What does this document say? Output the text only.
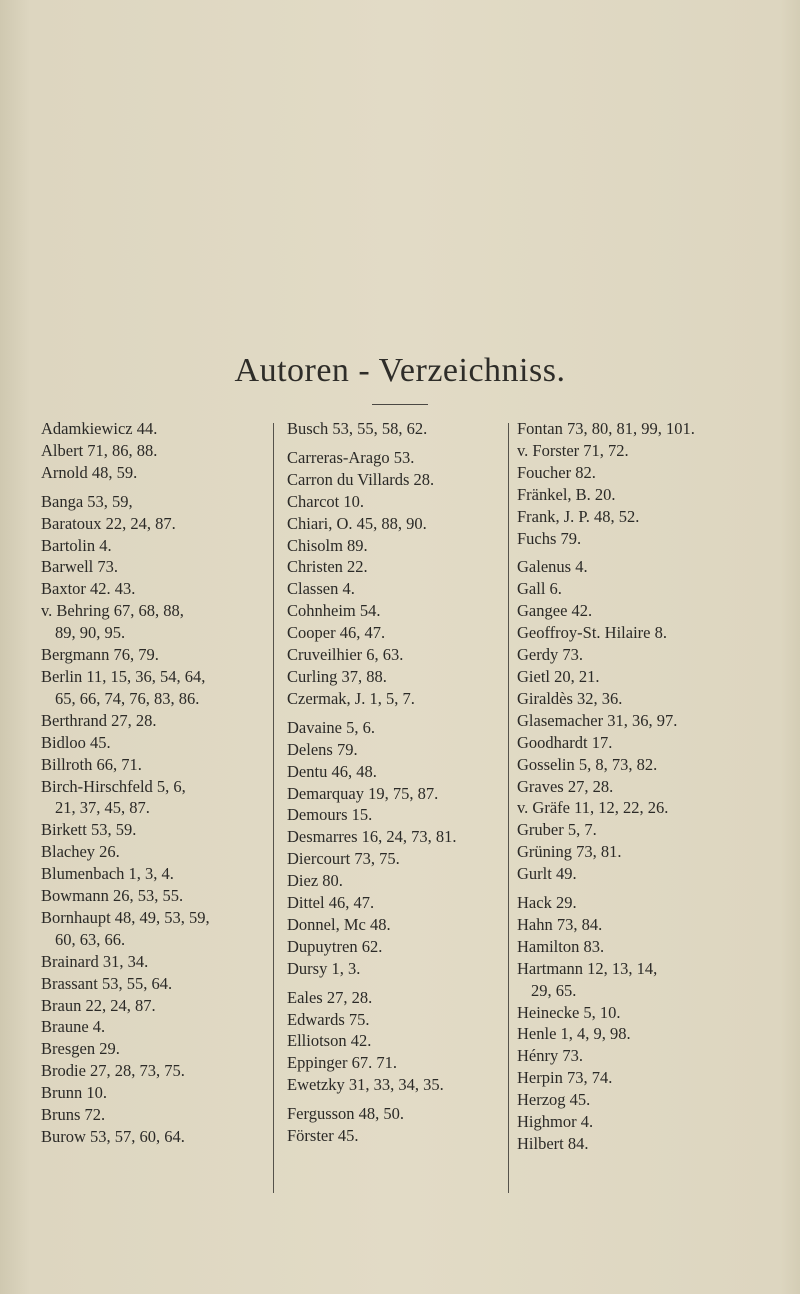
Autoren - Verzeichniss.
Adamkiewicz 44.
Albert 71, 86, 88.
Arnold 48, 59.
Banga 53, 59,
Baratoux 22, 24, 87.
Bartolin 4.
Barwell 73.
Baxtor 42. 43.
v. Behring 67, 68, 88,
89, 90, 95.
Bergmann 76, 79.
Berlin 11, 15, 36, 54, 64,
65, 66, 74, 76, 83, 86.
Berthrand 27, 28.
Bidloo 45.
Billroth 66, 71.
Birch-Hirschfeld 5, 6,
21, 37, 45, 87.
Birkett 53, 59.
Blachey 26.
Blumenbach 1, 3, 4.
Bowmann 26, 53, 55.
Bornhaupt 48, 49, 53, 59,
60, 63, 66.
Brainard 31, 34.
Brassant 53, 55, 64.
Braun 22, 24, 87.
Braune 4.
Bresgen 29.
Brodie 27, 28, 73, 75.
Brunn 10.
Bruns 72.
Burow 53, 57, 60, 64.
Busch 53, 55, 58, 62.
Carreras-Arago 53.
Carron du Villards 28.
Charcot 10.
Chiari, O. 45, 88, 90.
Chisolm 89.
Christen 22.
Classen 4.
Cohnheim 54.
Cooper 46, 47.
Cruveilhier 6, 63.
Curling 37, 88.
Czermak, J. 1, 5, 7.
Davaine 5, 6.
Delens 79.
Dentu 46, 48.
Demarquay 19, 75, 87.
Demours 15.
Desmarres 16, 24, 73, 81.
Diercourt 73, 75.
Diez 80.
Dittel 46, 47.
Donnel, Mc 48.
Dupuytren 62.
Dursy 1, 3.
Eales 27, 28.
Edwards 75.
Elliotson 42.
Eppinger 67. 71.
Ewetzky 31, 33, 34, 35.
Fergusson 48, 50.
Förster 45.
Fontan 73, 80, 81, 99, 101.
v. Forster 71, 72.
Foucher 82.
Fränkel, B. 20.
Frank, J. P. 48, 52.
Fuchs 79.
Galenus 4.
Gall 6.
Gangee 42.
Geoffroy-St. Hilaire 8.
Gerdy 73.
Gietl 20, 21.
Giraldès 32, 36.
Glasemacher 31, 36, 97.
Goodhardt 17.
Gosselin 5, 8, 73, 82.
Graves 27, 28.
v. Gräfe 11, 12, 22, 26.
Gruber 5, 7.
Grüning 73, 81.
Gurlt 49.
Hack 29.
Hahn 73, 84.
Hamilton 83.
Hartmann 12, 13, 14,
29, 65.
Heinecke 5, 10.
Henle 1, 4, 9, 98.
Hénry 73.
Herpin 73, 74.
Herzog 45.
Highmor 4.
Hilbert 84.
